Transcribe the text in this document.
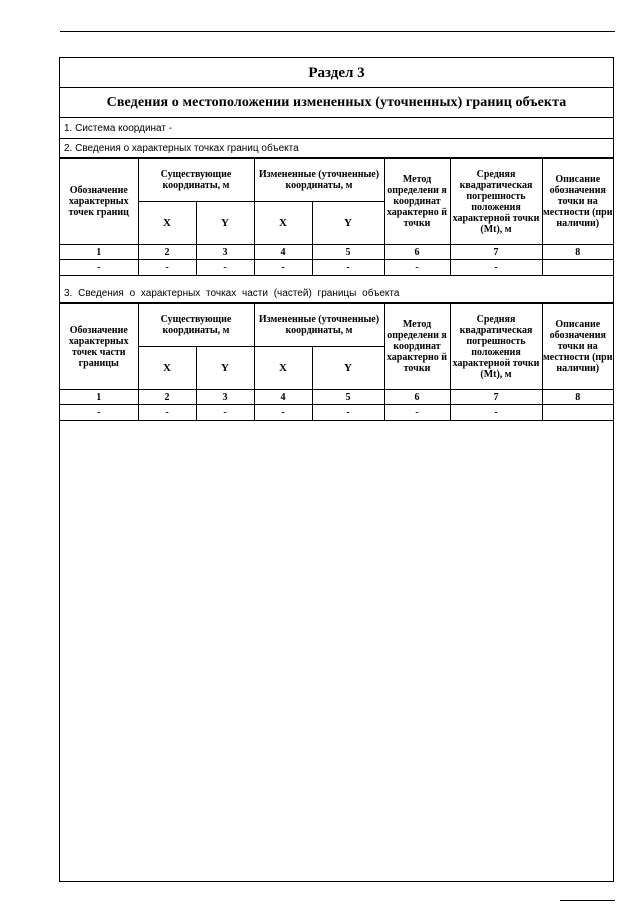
Раздел 3
Сведения о местоположении измененных (уточненных) границ объекта
1. Система координат -
2. Сведения о характерных точках границ объекта
Обозначение характерных точек границ	Существующие координаты, м		Измененные (уточненные) координаты, м		Метод определени я координат характерно й точки	Средняя квадратическая погрешность положения характерной точки (Mt), м	Описание обозначения точки на местности (при наличии)
	X	Y	X	Y			
1	2	3	4	5	6	7	8
-	-	-	-	-	-	-	
3. Сведения о характерных точках части (частей) границы объекта
Обозначение характерных точек части границы	Существующие координаты, м		Измененные (уточненные) координаты, м		Метод определени я координат характерно й точки	Средняя квадратическая погрешность положения характерной точки (Mt), м	Описание обозначения точки на местности (при наличии)
	X	Y	X	Y			
1	2	3	4	5	6	7	8
-	-	-	-	-	-	-	
